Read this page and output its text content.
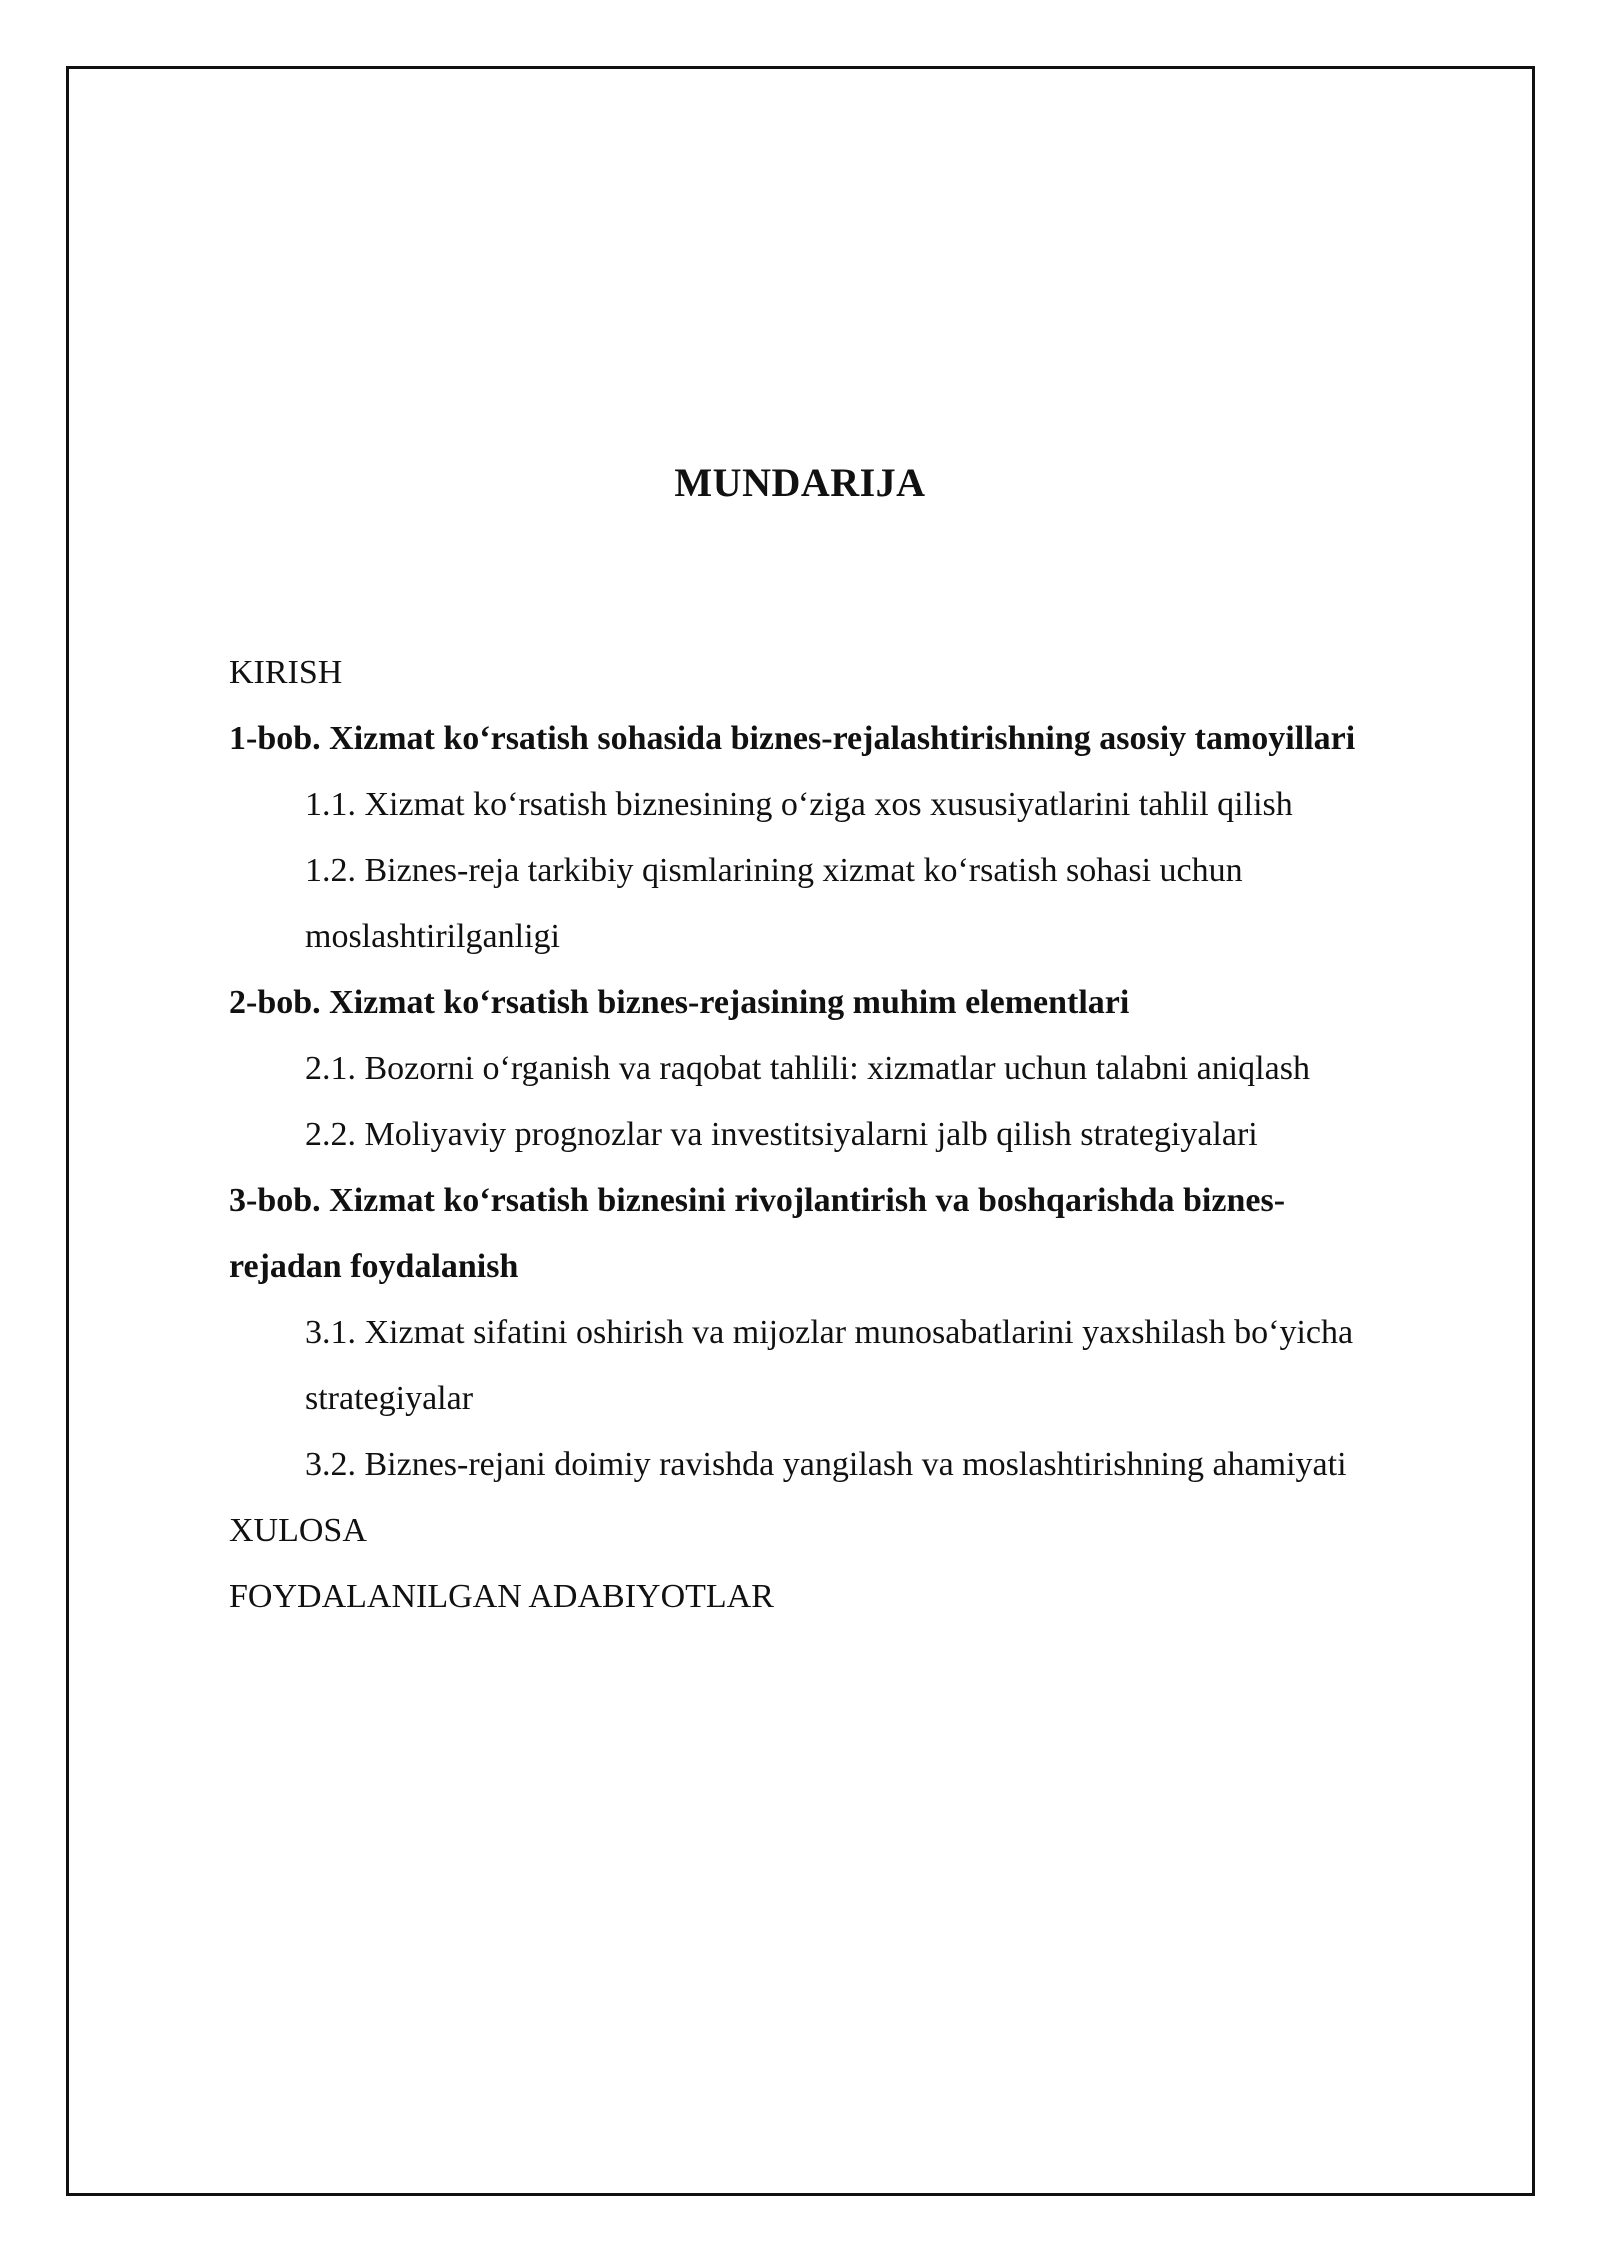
MUNDARIJA
KIRISH
1-bob. Xizmat ko‘rsatish sohasida biznes-rejalashtirishning asosiy tamoyillari
1.1. Xizmat ko‘rsatish biznesining o‘ziga xos xususiyatlarini tahlil qilish
1.2. Biznes-reja tarkibiy qismlarining xizmat ko‘rsatish sohasi uchun
moslashtirilganligi
2-bob. Xizmat ko‘rsatish biznes-rejasining muhim elementlari
2.1. Bozorni o‘rganish va raqobat tahlili: xizmatlar uchun talabni aniqlash
2.2. Moliyaviy prognozlar va investitsiyalarni jalb qilish strategiyalari
3-bob. Xizmat ko‘rsatish biznesini rivojlantirish va boshqarishda biznes-
rejadan foydalanish
3.1. Xizmat sifatini oshirish va mijozlar munosabatlarini yaxshilash bo‘yicha
strategiyalar
3.2. Biznes-rejani doimiy ravishda yangilash va moslashtirishning ahamiyati
XULOSA
FOYDALANILGAN ADABIYOTLAR
